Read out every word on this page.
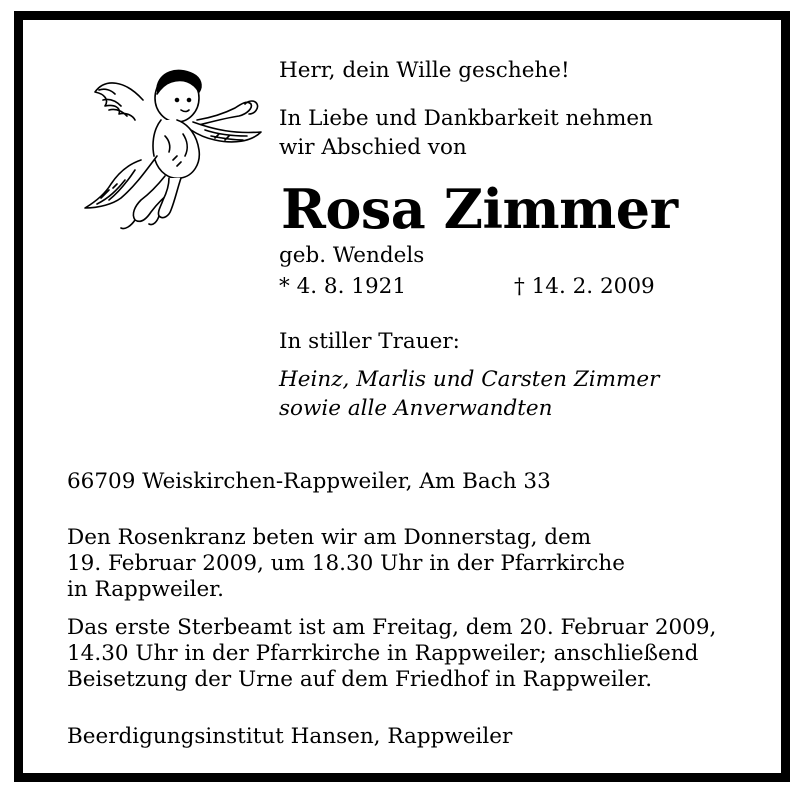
Herr, dein Wille geschehe!

In Liebe und Dankbarkeit nehmen

wir Abschied von

Rosa Zimmer

geb. Wendels

* 4. 8. 1921	† 14. 2. 2009

In stiller Trauer:

Heinz, Marlis und Carsten Zimmer

sowie alle Anverwandten

66709 Weiskirchen-Rappweiler, Am Bach 33

Den Rosenkranz beten wir am Donnerstag, dem

19. Februar 2009, um 18.30 Uhr in der Pfarrkirche

in Rappweiler.

Das erste Sterbeamt ist am Freitag, dem 20. Februar 2009,

14.30 Uhr in der Pfarrkirche in Rappweiler; anschließend

Beisetzung der Urne auf dem Friedhof in Rappweiler.

Beerdigungsinstitut Hansen, Rappweiler
